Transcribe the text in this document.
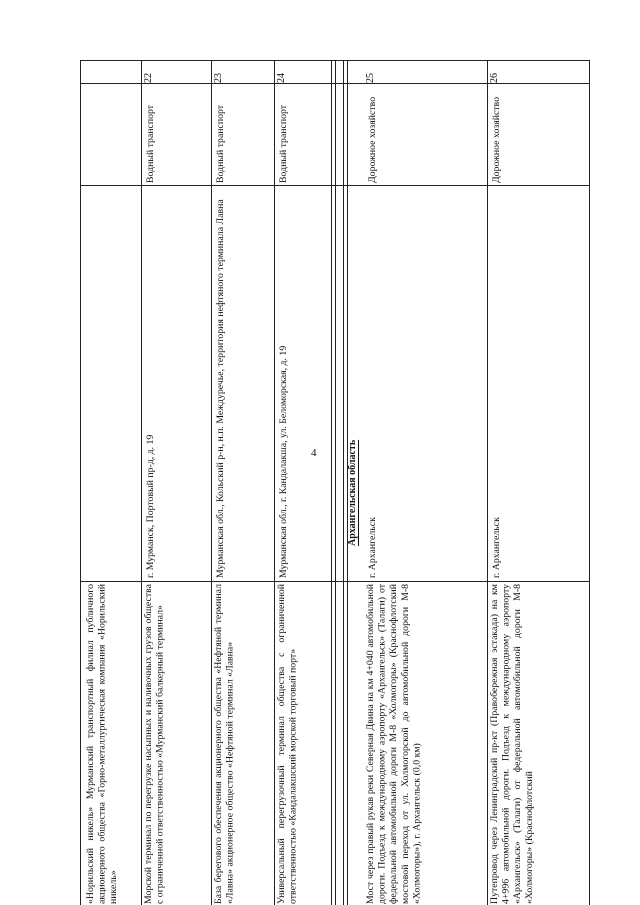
4
«Норильский никель» Мурманский транспортный филиал публичного акционерного общества «Горно-металлургическая компания «Норильский никель»
22
Морской терминал по перегрузке насыпных и наливочных грузов общества с ограниченной ответственностью «Мурманский балкерный терминал»
г. Мурманск, Портовый пр-д, д. 19
Водный транспорт
23
База берегового обеспечения акционерного общества «Нефтяной терминал «Лавна» акционерное общество «Нефтяной терминал «Лавна»
Мурманская обл., Кольский р-н, н.п. Междуречье, территория нефтяного терминала Лавна
Водный транспорт
24
Универсальный перегрузочный терминал общества с ограниченной ответственностью «Кандалакшский морской торговый порт»
Мурманская обл., г. Кандалакша, ул. Беломорская, д. 19
Водный транспорт
Архангельская область
25
Мост через правый рукав реки Северная Двина на км 4+040 автомобильной дороги. Подъезд к международному аэропорту «Архангельск» (Талаги) от федеральной автомобильной дороги М-8 «Холмогоры» (Краснофлотский мостовой переход от ул. Холмогорской до автомобильной дороги М-8 «Холмогоры»), г. Архангельск (0,0 км)
г. Архангельск
Дорожное хозяйство
26
Путепровод через Ленинградский пр-кт (Правобережная эстакада) на км 4+996 автомобильной дороги. Подъезд к международному аэропорту «Архангельск» (Талаги) от федеральной автомобильной дороги М-8 «Холмогоры» (Краснофлотский
г. Архангельск
Дорожное хозяйство
